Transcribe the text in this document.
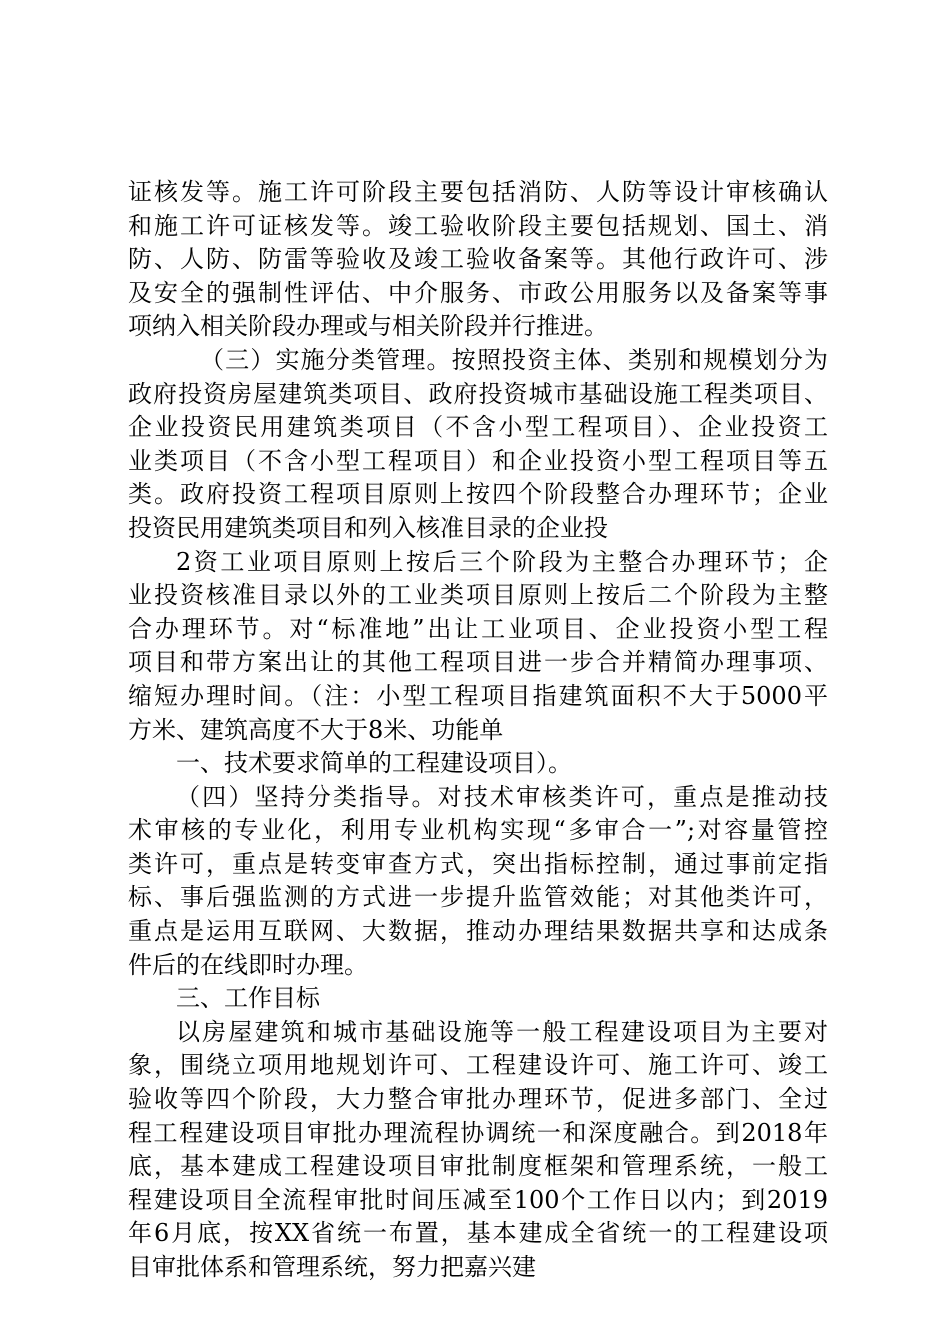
证核发等。施工许可阶段主要包括消防、人防等设计审核确认
和施工许可证核发等。竣工验收阶段主要包括规划、国土、消
防、人防、防雷等验收及竣工验收备案等。其他行政许可、涉
及安全的强制性评估、中介服务、市政公用服务以及备案等事
项纳入相关阶段办理或与相关阶段并行推进。
（三）实施分类管理。按照投资主体、类别和规模划分为
政府投资房屋建筑类项目、政府投资城市基础设施工程类项目、
企业投资民用建筑类项目（不含小型工程项目）、企业投资工
业类项目（不含小型工程项目）和企业投资小型工程项目等五
类。政府投资工程项目原则上按四个阶段整合办理环节；企业
投资民用建筑类项目和列入核准目录的企业投
2资工业项目原则上按后三个阶段为主整合办理环节；企
业投资核准目录以外的工业类项目原则上按后二个阶段为主整
合办理环节。对“标准地”出让工业项目、企业投资小型工程
项目和带方案出让的其他工程项目进一步合并精简办理事项、
缩短办理时间。（注：小型工程项目指建筑面积不大于5000平
方米、建筑高度不大于8米、功能单
一、技术要求简单的工程建设项目）。
（四）坚持分类指导。对技术审核类许可，重点是推动技
术审核的专业化，利用专业机构实现“多审合一”;对容量管控
类许可，重点是转变审查方式，突出指标控制，通过事前定指
标、事后强监测的方式进一步提升监管效能；对其他类许可，
重点是运用互联网、大数据，推动办理结果数据共享和达成条
件后的在线即时办理。
三、工作目标
以房屋建筑和城市基础设施等一般工程建设项目为主要对
象，围绕立项用地规划许可、工程建设许可、施工许可、竣工
验收等四个阶段，大力整合审批办理环节，促进多部门、全过
程工程建设项目审批办理流程协调统一和深度融合。到2018年
底，基本建成工程建设项目审批制度框架和管理系统，一般工
程建设项目全流程审批时间压减至100个工作日以内；到2019
年6月底，按XX省统一布置，基本建成全省统一的工程建设项
目审批体系和管理系统，努力把嘉兴建
